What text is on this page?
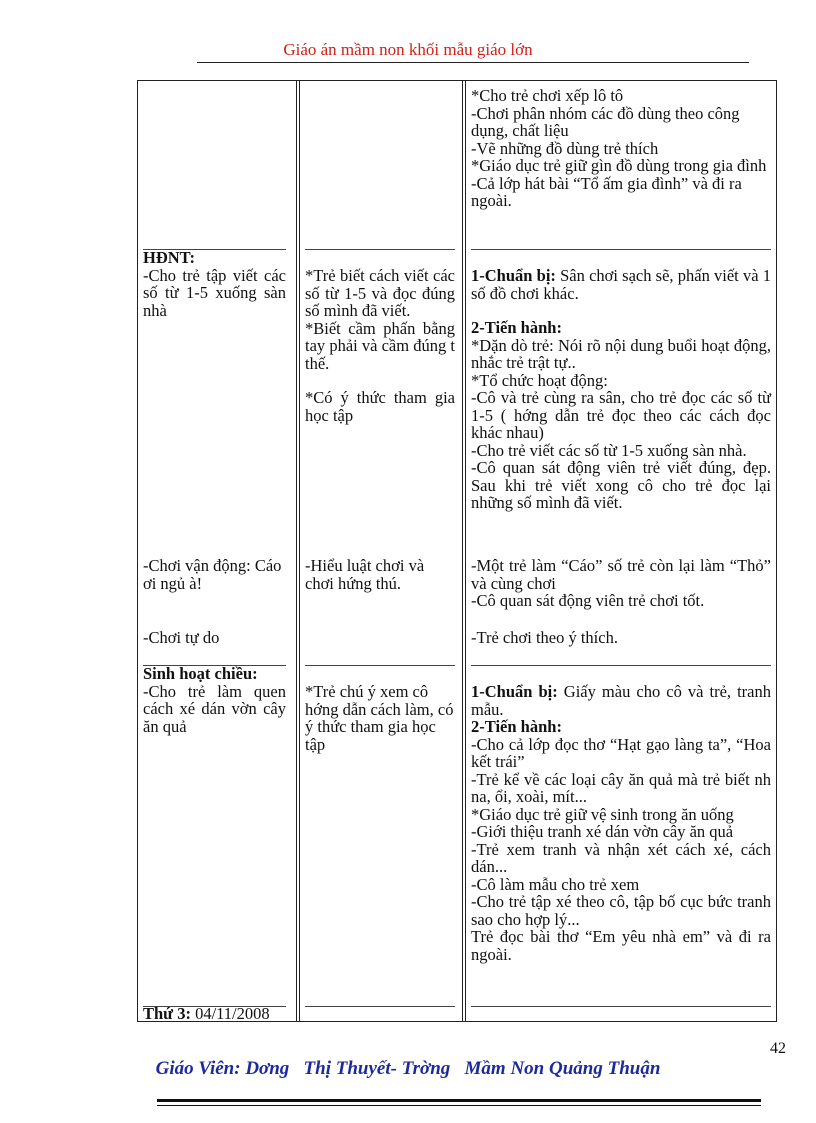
Giáo án mầm non khối mẫu giáo lớn

*Cho trẻ chơi xếp lô tô

-Chơi phân nhóm các đồ dùng theo công dụng, chất liệu

-Vẽ những đồ dùng trẻ thích

*Giáo dục trẻ giữ gìn đồ dùng trong gia đình

-Cả lớp hát bài “Tổ ấm gia đình” và đi ra ngoài.

HĐNT:

-Cho trẻ tập viết các số từ 1-5 xuống sàn nhà

*Trẻ biết cách viết các số từ 1-5 và đọc đúng số mình đã viết.

*Biết cầm phấn bằng tay phải và cầm đúng t thế.

*Có ý thức tham gia học tập

1-Chuẩn bị: Sân chơi sạch sẽ, phấn viết và 1 số đồ chơi khác.

2-Tiến hành:

*Dặn dò trẻ: Nói rõ nội dung buổi hoạt động, nhắc trẻ trật tự..

*Tổ chức hoạt động:

-Cô và trẻ cùng ra sân, cho trẻ đọc các số từ 1-5 ( hớng dẫn trẻ đọc theo các cách đọc khác nhau)

-Cho trẻ viết các số từ 1-5 xuống sàn nhà.

-Cô quan sát động viên trẻ viết đúng, đẹp. Sau khi trẻ viết xong cô cho trẻ đọc lại những số mình đã viết.

-Chơi vận động: Cáo ơi ngủ à!
-Hiểu luật chơi và chơi hứng thú.

-Một trẻ làm “Cáo” số trẻ còn lại làm “Thỏ” và cùng chơi

-Cô quan sát động viên trẻ chơi tốt.

-Chơi tự do	-Trẻ chơi theo ý thích.

Sinh hoạt chiều:

-Cho trẻ làm quen cách xé dán vờn cây ăn quả

*Trẻ chú ý xem cô hớng dẫn cách làm, có ý thức tham gia học tập

1-Chuẩn bị: Giấy màu cho cô và trẻ, tranh mẫu.

2-Tiến hành:

-Cho cả lớp đọc thơ “Hạt gạo làng ta”, “Hoa kết trái”

-Trẻ kể về các loại cây ăn quả mà trẻ biết nh na, ổi, xoài, mít...

*Giáo dục trẻ giữ vệ sinh trong ăn uống

-Giới thiệu tranh xé dán vờn cây ăn quả

-Trẻ xem tranh và nhận xét cách xé, cách dán...

-Cô làm mẫu cho trẻ xem

-Cho trẻ tập xé theo cô, tập bố cục bức tranh sao cho hợp lý...

Trẻ đọc bài thơ “Em yêu nhà em” và đi ra ngoài.

Thứ 3: 04/11/2008
42
Giáo Viên: Dơng   Thị Thuyết- Trờng   Mầm Non Quảng Thuận
